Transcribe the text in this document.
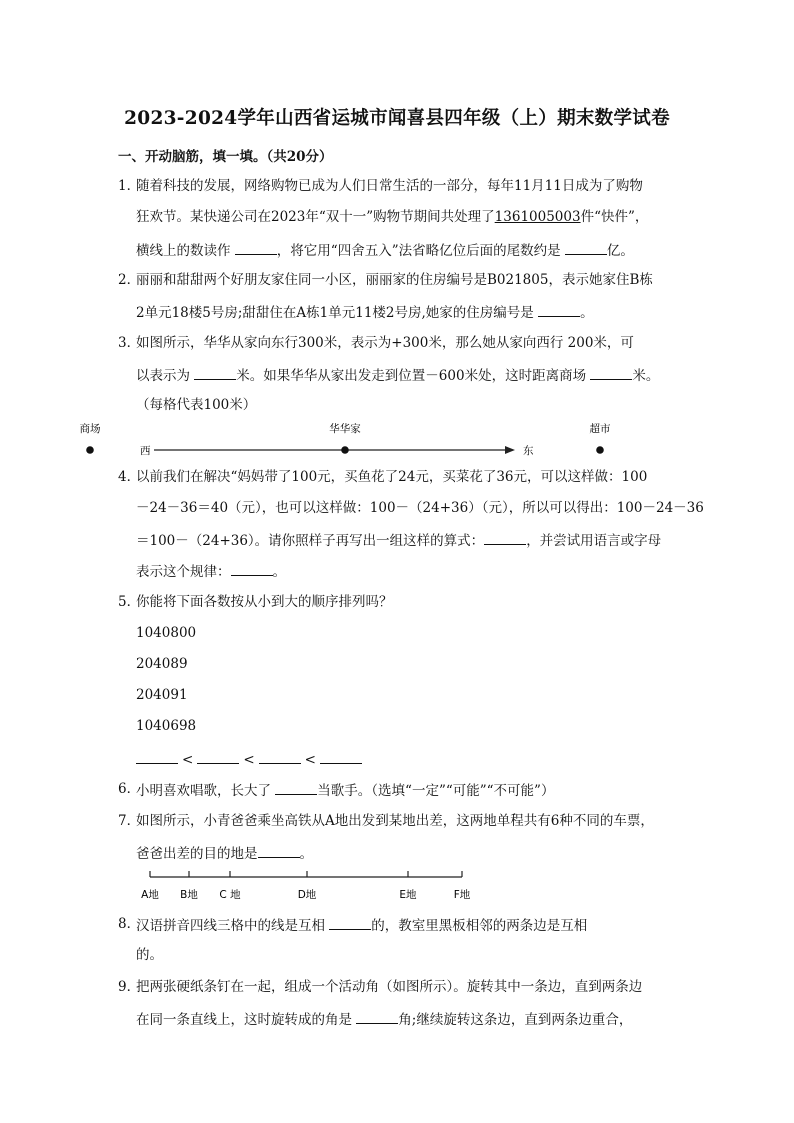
2023-2024学年山西省运城市闻喜县四年级（上）期末数学试卷
一、开动脑筋，填一填。（共20分）
1．
随着科技的发展，网络购物已成为人们日常生活的一部分，每年11月11日成为了购物
狂欢节。某快递公司在2023年“双十一”购物节期间共处理了1361005003件“快件”，
横线上的数读作	，将它用“四舍五入”法省略亿位后面的尾数约是	亿。
2．
丽丽和甜甜两个好朋友家住同一小区，丽丽家的住房编号是B021805，表示她家住B栋
2单元18楼5号房;甜甜住在A栋1单元11楼2号房,她家的住房编号是	。
3．
如图所示，华华从家向东行300米，表示为+300米，那么她从家向西行 200米，可
以表示为	米。如果华华从家出发走到位置－600米处，这时距离商场	米。
（每格代表100米）
西	东
商场	华华家	超市
4．
以前我们在解决“妈妈带了100元，买鱼花了24元，买菜花了36元，可以这样做：100
－24－36＝40（元），也可以这样做：100－（24+36）（元），所以可以得出：100－24－36
＝100－（24+36）。请你照样子再写出一组这样的算式：	，并尝试用语言或字母
表示这个规律：	。
5．
你能将下面各数按从小到大的顺序排列吗？
1040800
204089
204091
1040698
<	<	<
6．
小明喜欢唱歌，长大了	当歌手。（选填“一定”“可能”“不可能”）
7．
如图所示，小青爸爸乘坐高铁从A地出发到某地出差，这两地单程共有6种不同的车票，
爸爸出差的目的地是	。
A地 B地 C 地	D地	E地	F地
8．
汉语拼音四线三格中的线是互相	的，教室里黑板相邻的两条边是互相
的。
9．
把两张硬纸条钉在一起，组成一个活动角（如图所示）。旋转其中一条边，直到两条边
在同一条直线上，这时旋转成的角是	角;继续旋转这条边，直到两条边重合，
